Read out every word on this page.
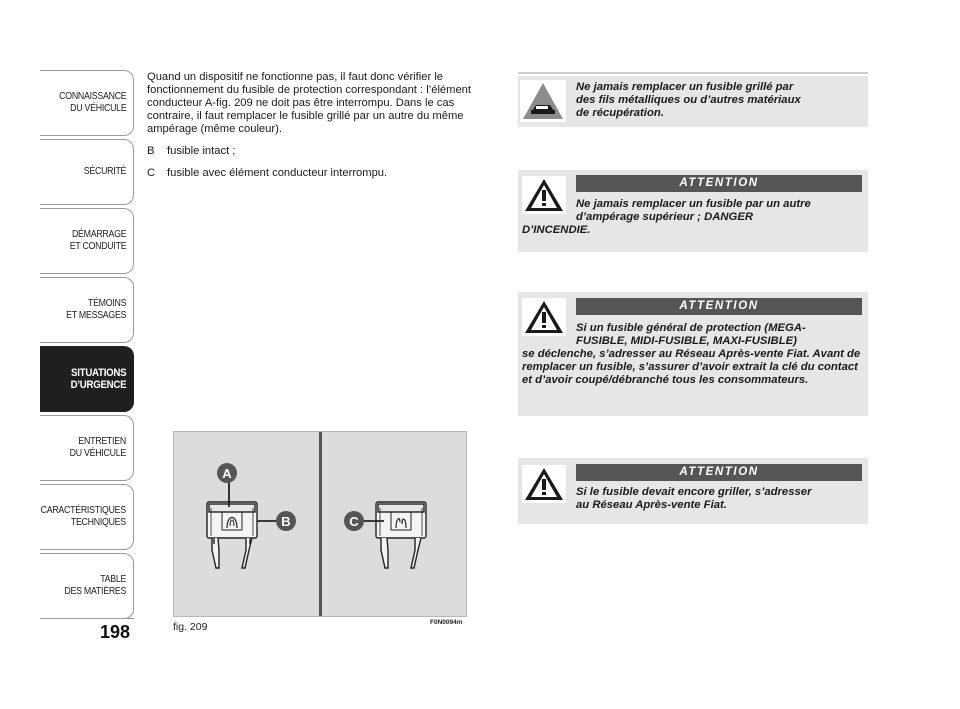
CONNAISSANCE
DU VÉHICULE
SÉCURITÉ
DÉMARRAGE
ET CONDUITE
TÉMOINS
ET MESSAGES
SITUATIONS
D’URGENCE
ENTRETIEN
DU VÉHICULE
CARACTÉRISTIQUES
TECHNIQUES
TABLE
DES MATIÈRES
198

Quand un dispositif ne fonctionne pas, il faut donc vérifier le fonctionnement du fusible de protection correspondant : l’élément conducteur A-fig. 209 ne doit pas être interrompu. Dans le cas contraire, il faut remplacer le fusible grillé par un autre du même ampérage (même couleur).

B	fusible intact ;
C	fusible avec élément conducteur interrompu.
A
B	C
fig. 209	F0N0094m
Ne jamais remplacer un fusible grillé par
des fils métalliques ou d’autres matériaux
de récupération.
ATTENTION
Ne jamais remplacer un fusible par un autre
d’ampérage supérieur ; DANGER
D’INCENDIE.
ATTENTION
Si un fusible général de protection (MEGA-
FUSIBLE, MIDI-FUSIBLE, MAXI-FUSIBLE)
se déclenche, s’adresser au Réseau Après-vente Fiat. Avant de remplacer un fusible, s’assurer d’avoir extrait la clé du contact et d’avoir coupé/débranché tous les consommateurs.
ATTENTION
Si le fusible devait encore griller, s’adresser
au Réseau Après-vente Fiat.
